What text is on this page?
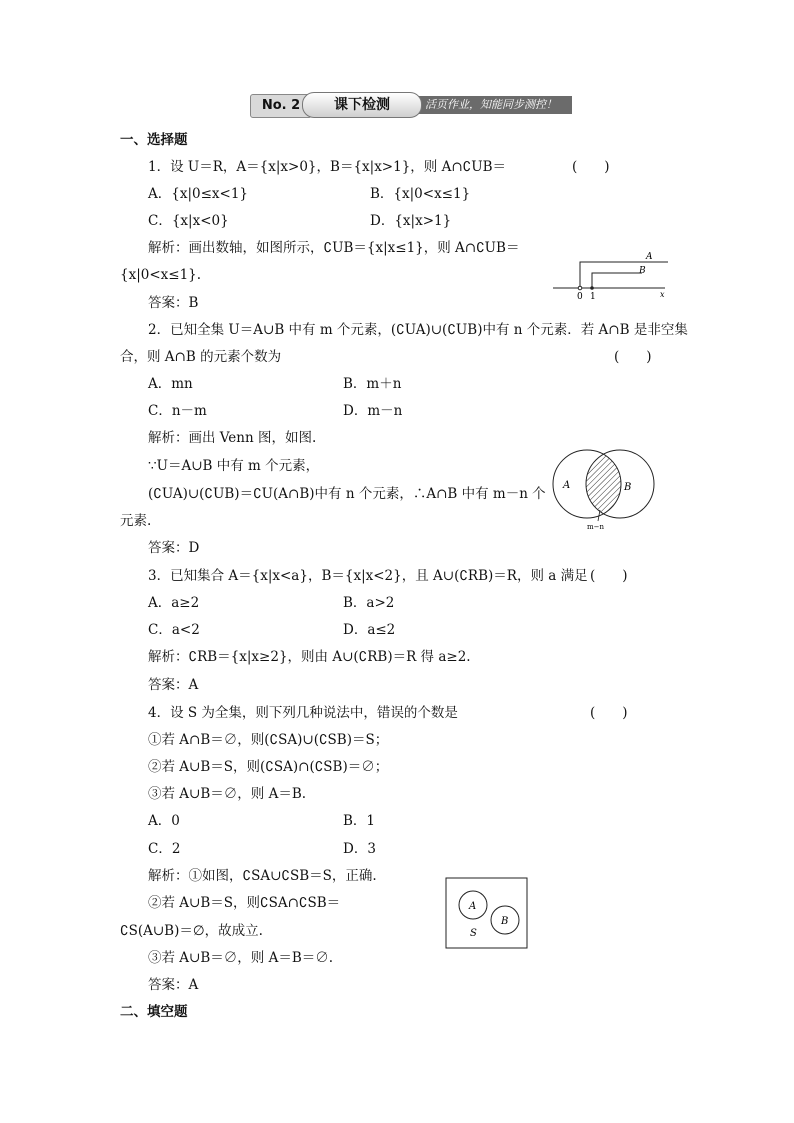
No. 2	活页作业，知能同步测控！
课下检测
一、选择题
1．设 U＝R，A＝{x|x>0}，B＝{x|x>1}，则 A∩∁UB＝	(　　)
A．{x|0≤x<1}	B．{x|0<x≤1}
C．{x|x<0}	D．{x|x>1}
解析：画出数轴，如图所示，∁UB＝{x|x≤1}，则 A∩∁UB＝
{x|0<x≤1}.
答案：B
A
B
0 1	x
2．已知全集 U＝A∪B 中有 m 个元素，(∁UA)∪(∁UB)中有 n 个元素．若 A∩B 是非空集
合，则 A∩B 的元素个数为	(　　)
A．mn	B．m＋n
C．n－m	D．m－n
解析：画出 Venn 图，如图.
∵U＝A∪B 中有 m 个元素，
(∁UA)∪(∁UB)＝∁U(A∩B)中有 n 个元素，∴A∩B 中有 m－n 个
元素.
答案：D
A	B
m−n
3．已知集合 A＝{x|x<a}，B＝{x|x<2}，且 A∪(∁RB)＝R，则 a 满足 (　　)
A．a≥2	B．a>2
C．a<2	D．a≤2
解析：∁RB＝{x|x≥2}，则由 A∪(∁RB)＝R 得 a≥2.
答案：A
4．设 S 为全集，则下列几种说法中，错误的个数是	(　　)
①若 A∩B＝∅，则(∁SA)∪(∁SB)＝S；
②若 A∪B＝S，则(∁SA)∩(∁SB)＝∅；
③若 A∪B＝∅，则 A＝B.
A．0	B．1
C．2	D．3
解析：①如图，∁SA∪∁SB＝S，正确.
②若 A∪B＝S，则∁SA∩∁SB＝
∁S(A∪B)＝∅，故成立.
③若 A∪B＝∅，则 A＝B＝∅.
答案：A
A
B
S
二、填空题
